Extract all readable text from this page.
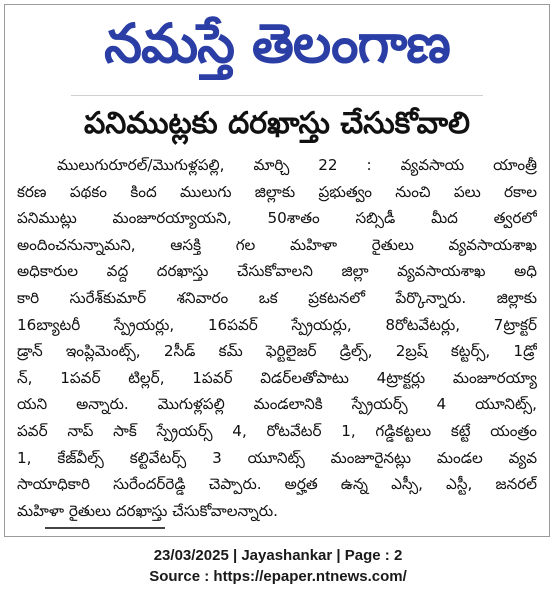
నమస్తే తెలంగాణ
పనిముట్లకు దరఖాస్తు చేసుకోవాలి
ములుగురూరల్/మొగుళ్లపల్లి, మార్చి 22 : వ్యవసాయ యాంత్రీ
కరణ పథకం కింద ములుగు జిల్లాకు ప్రభుత్వం నుంచి పలు రకాల
పనిముట్లు మంజూరయ్యాయని, 50శాతం సబ్సిడీ మీద త్వరలో
అందించనున్నామని, ఆసక్తి గల మహిళా రైతులు వ్యవసాయశాఖ
అధికారుల వద్ద దరఖాస్తు చేసుకోవాలని జిల్లా వ్యవసాయశాఖ అధి
కారి సురేశ్‌కుమార్ శనివారం ఒక ప్రకటనలో పేర్కొన్నారు. జిల్లాకు
16బ్యాటరీ స్ప్రేయర్లు, 16పవర్ స్ప్రేయర్లు, 8రోటవేటర్లు, 7ట్రాక్టర్
డ్రాన్ ఇంప్లిమెంట్స్, 2సీడ్ కమ్ ఫెర్టిలైజర్ డ్రిల్స్, 2బ్రష్ కట్టర్స్, 1డ్రో
న్, 1పవర్ టిల్లర్, 1పవర్ విడర్‌లతోపాటు 4ట్రాక్టర్లు మంజూరయ్యా
యని అన్నారు. మొగుళ్లపల్లి మండలానికి స్ప్రేయర్స్ 4 యూనిట్స్,
పవర్ నాప్ సాక్ స్ప్రేయర్స్ 4, రోటవేటర్ 1, గడ్డికట్టలు కట్టే యంత్రం
1, కేజ్‌వీల్స్ కల్టివేటర్స్ 3 యూనిట్స్ మంజూరైనట్లు మండల వ్యవ
సాయాధికారి సురేందర్‌రెడ్డి చెప్పారు. అర్హత ఉన్న ఎస్సీ, ఎస్టీ, జనరల్
మహిళా రైతులు దరఖాస్తు చేసుకోవాలన్నారు.
23/03/2025 | Jayashankar | Page : 2
Source : https://epaper.ntnews.com/
